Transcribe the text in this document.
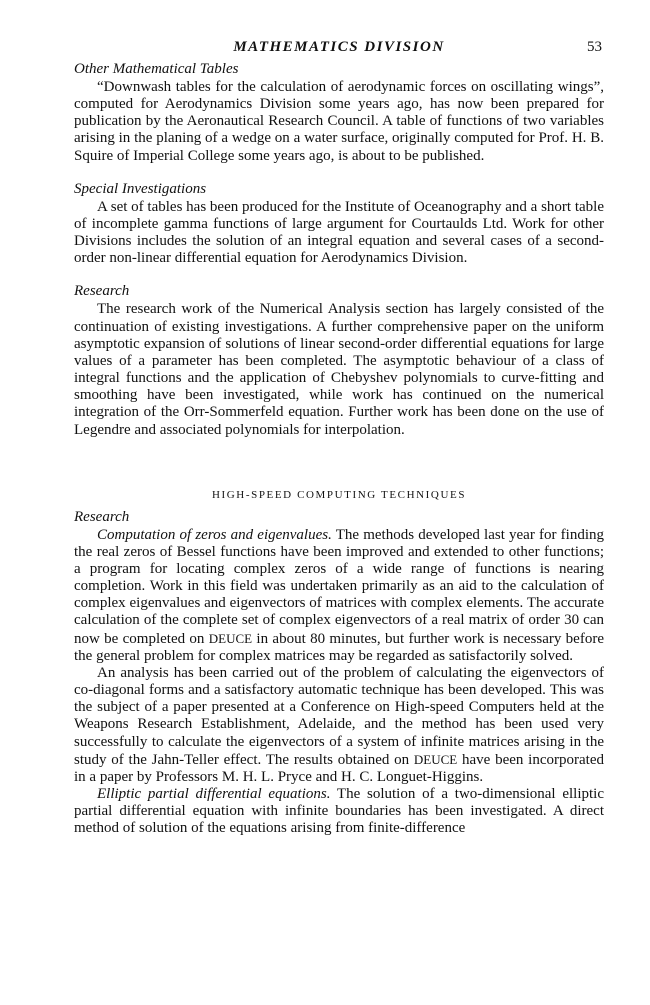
MATHEMATICS DIVISION	53
Other Mathematical Tables

“Downwash tables for the calculation of aerodynamic forces on oscillating wings”, computed for Aerodynamics Division some years ago, has now been prepared for publication by the Aeronautical Research Council. A table of functions of two variables arising in the planing of a wedge on a water surface, originally computed for Prof. H. B. Squire of Imperial College some years ago, is about to be published.

Special Investigations

A set of tables has been produced for the Institute of Oceanography and a short table of incomplete gamma functions of large argument for Courtaulds Ltd. Work for other Divisions includes the solution of an integral equation and several cases of a second-order non-linear differential equation for Aerodynamics Division.

Research

The research work of the Numerical Analysis section has largely consisted of the continuation of existing investigations. A further comprehensive paper on the uniform asymptotic expansion of solutions of linear second-order differential equations for large values of a parameter has been completed. The asymptotic behaviour of a class of integral functions and the application of Chebyshev polynomials to curve-fitting and smoothing have been investigated, while work has continued on the numerical integration of the Orr-Sommerfeld equation. Further work has been done on the use of Legendre and associated polynomials for interpolation.

HIGH-SPEED COMPUTING TECHNIQUES
Research

Computation of zeros and eigenvalues. The methods developed last year for finding the real zeros of Bessel functions have been improved and extended to other functions; a program for locating complex zeros of a wide range of functions is nearing completion. Work in this field was undertaken primarily as an aid to the calculation of complex eigenvalues and eigenvectors of matrices with complex elements. The accurate calculation of the complete set of complex eigenvectors of a real matrix of order 30 can now be completed on DEUCE in about 80 minutes, but further work is necessary before the general problem for complex matrices may be regarded as satisfactorily solved.

An analysis has been carried out of the problem of calculating the eigenvectors of co-diagonal forms and a satisfactory automatic technique has been developed. This was the subject of a paper presented at a Conference on High-speed Computers held at the Weapons Research Establishment, Adelaide, and the method has been used very successfully to calculate the eigenvectors of a system of infinite matrices arising in the study of the Jahn-Teller effect. The results obtained on DEUCE have been incorporated in a paper by Professors M. H. L. Pryce and H. C. Longuet-Higgins.

Elliptic partial differential equations. The solution of a two-dimensional elliptic partial differential equation with infinite boundaries has been investigated. A direct method of solution of the equations arising from finite-difference
